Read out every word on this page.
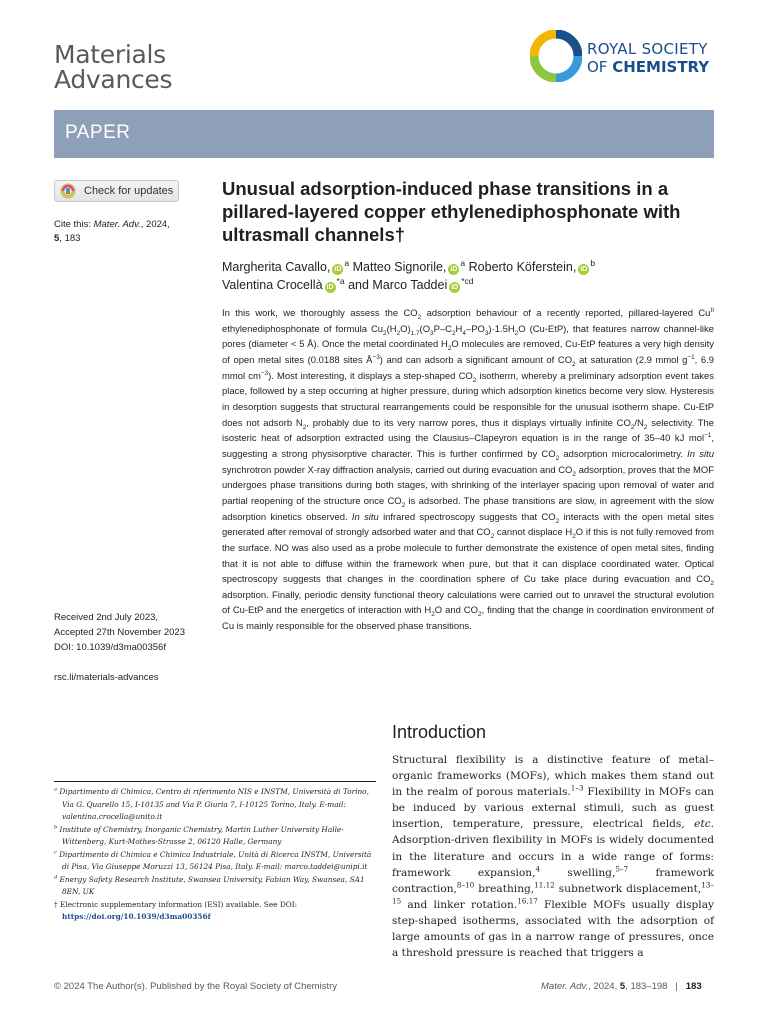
Materials
Advances
ROYAL SOCIETY
OF CHEMISTRY
PAPER
Check for updates
Cite this: Mater. Adv., 2024,
5, 183
Received 2nd July 2023,
Accepted 27th November 2023
DOI: 10.1039/d3ma00356f
rsc.li/materials-advances
Unusual adsorption-induced phase transitions in a pillared-layered copper ethylenediphosphonate with ultrasmall channels†
Margherita Cavallo, $iD^a$ Matteo Signorile, $iD^a$ Roberto Köferstein, $iD^b$
Valentina Crocellà $iD^{*a}$ and Marco Taddei $iD^{*cd}$
In this work, we thoroughly assess the $CO_2$ adsorption behaviour of a recently reported, pillared-layered $Cu^{II}$ ethylenediphosphonate of formula $Cu_2(H_2O)_{1.7}(O_3P-C_2H_4-PO_3)\cdot 1.5H_2O$ (Cu-EtP), that features narrow channel-like pores (diameter < 5 Å). Once the metal coordinated $H_2O$ molecules are removed, Cu-EtP features a very high density of open metal sites (0.0188 sites $Å^{-3}$) and can adsorb a significant amount of $CO_2$ at saturation (2.9 mmol $g^{-1}$, 6.9 mmol $cm^{-3}$). Most interesting, it displays a step-shaped $CO_2$ isotherm, whereby a preliminary adsorption event takes place, followed by a step occurring at higher pressure, during which adsorption kinetics become very slow. Hysteresis in desorption suggests that structural rearrangements could be responsible for the unusual isotherm shape. Cu-EtP does not adsorb $N_2$, probably due to its very narrow pores, thus it displays virtually infinite $CO_2/N_2$ selectivity. The isosteric heat of adsorption extracted using the Clausius–Clapeyron equation is in the range of 35–40 kJ mol$^{-1}$, suggesting a strong physisorptive character. This is further confirmed by $CO_2$ adsorption microcalorimetry. In situ synchrotron powder X-ray diffraction analysis, carried out during evacuation and $CO_2$ adsorption, proves that the MOF undergoes phase transitions during both stages, with shrinking of the interlayer spacing upon removal of water and partial reopening of the structure once $CO_2$ is adsorbed. The phase transitions are slow, in agreement with the slow adsorption kinetics observed. In situ infrared spectroscopy suggests that $CO_2$ interacts with the open metal sites generated after removal of strongly adsorbed water and that $CO_2$ cannot displace $H_2O$ if this is not fully removed from the surface. NO was also used as a probe molecule to further demonstrate the existence of open metal sites, finding that it is not able to diffuse within the framework when pure, but that it can displace coordinated water. Optical spectroscopy suggests that changes in the coordination sphere of Cu take place during evacuation and $CO_2$ adsorption. Finally, periodic density functional theory calculations were carried out to unravel the structural evolution of Cu-EtP and the energetics of interaction with $H_2O$ and $CO_2$, finding that the change in coordination environment of Cu is mainly responsible for the observed phase transitions.
Introduction
Structural flexibility is a distinctive feature of metal–organic frameworks (MOFs), which makes them stand out in the realm of porous materials.$^{1-3}$ Flexibility in MOFs can be induced by various external stimuli, such as guest insertion, temperature, pressure, electrical fields, etc. Adsorption-driven flexibility in MOFs is widely documented in the literature and occurs in a wide range of forms: framework expansion,$^4$ swelling,$^{5-7}$ framework contraction,$^{8-10}$ breathing,$^{11,12}$ subnetwork displacement,$^{13-15}$ and linker rotation.$^{16,17}$ Flexible MOFs usually display step-shaped isotherms, associated with the adsorption of large amounts of gas in a narrow range of pressures, once a threshold pressure is reached that triggers a
$^a$ Dipartimento di Chimica, Centro di riferimento NIS e INSTM, Università di Torino, Via G. Quarello 15, I-10135 and Via P. Giuria 7, I-10125 Torino, Italy. E-mail: valentina.crocella@unito.it
$^b$ Institute of Chemistry, Inorganic Chemistry, Martin Luther University Halle-Wittenberg, Kurt-Mothes-Strasse 2, 06120 Halle, Germany
$^c$ Dipartimento di Chimica e Chimica Industriale, Unità di Ricerca INSTM, Università di Pisa, Via Giuseppe Moruzzi 13, 56124 Pisa, Italy. E-mail: marco.taddei@unipi.it
$^d$ Energy Safety Research Institute, Swansea University, Fabian Way, Swansea, SA1 8EN, UK
† Electronic supplementary information (ESI) available. See DOI: https://doi.org/10.1039/d3ma00356f
© 2024 The Author(s). Published by the Royal Society of Chemistry	Mater. Adv., 2024, 5, 183–198 | 183
